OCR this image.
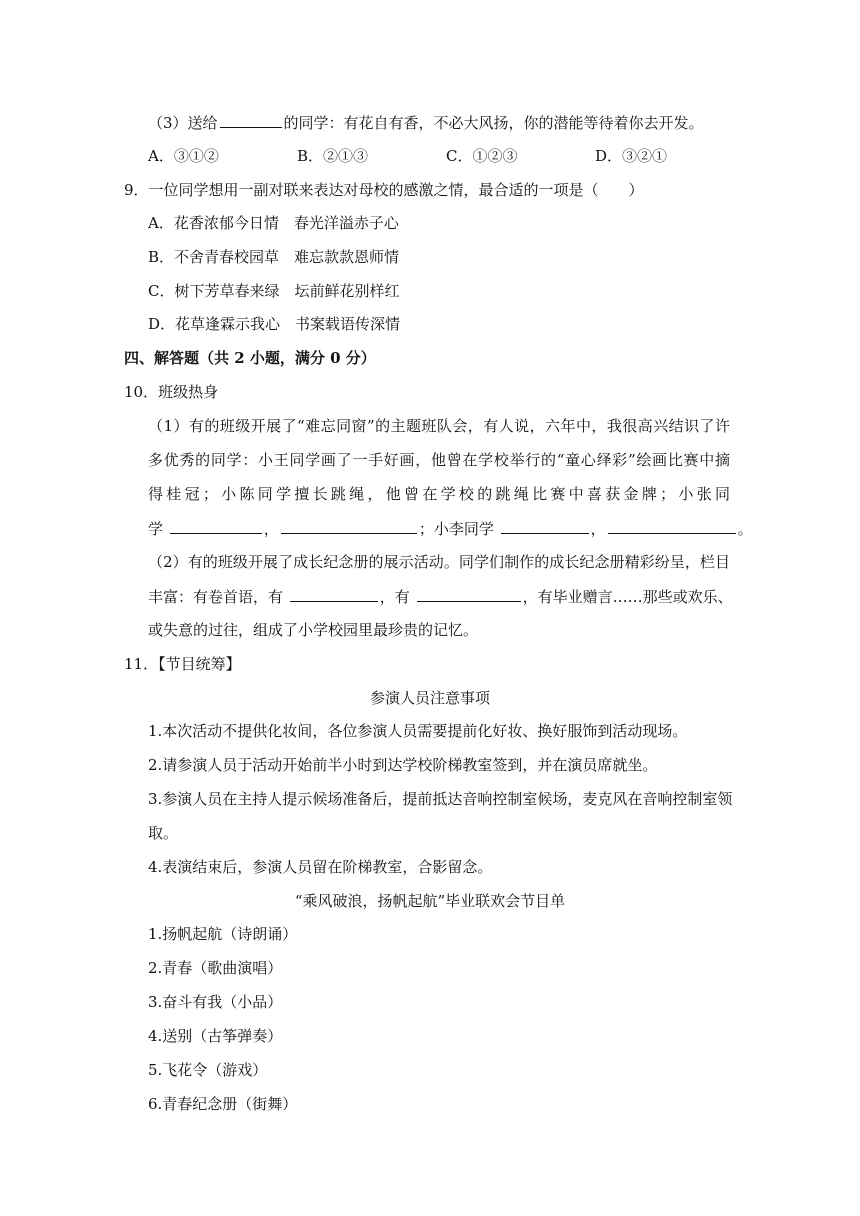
（3）送给	的同学：有花自有香，不必大风扬，你的潜能等待着你去开发。
A．③①②	B．②①③	C．①②③	D．③②①
9．一位同学想用一副对联来表达对母校的感激之情，最合适的一项是（　　）
A．花香浓郁今日情　春光洋溢赤子心
B．不舍青春校园草　难忘款款恩师情
C．树下芳草春来绿　坛前鲜花别样红
D．花草逢霖示我心　书案载语传深情
四、解答题（共 2 小题，满分 0 分）
10．班级热身
（1）有的班级开展了“难忘同窗”的主题班队会，有人说，六年中，我很高兴结识了许
多优秀的同学：小王同学画了一手好画，他曾在学校举行的“童心绎彩”绘画比赛中摘
得桂冠；小陈同学擅长跳绳，他曾在学校的跳绳比赛中喜获金牌；小张同
学	，	；小李同学	，	。
（2）有的班级开展了成长纪念册的展示活动。同学们制作的成长纪念册精彩纷呈，栏目
丰富：有卷首语，有	，有	，有毕业赠言……那些或欢乐、
或失意的过往，组成了小学校园里最珍贵的记忆。
11．【节目统筹】
参演人员注意事项
1.本次活动不提供化妆间，各位参演人员需要提前化好妆、换好服饰到活动现场。
2.请参演人员于活动开始前半小时到达学校阶梯教室签到，并在演员席就坐。
3.参演人员在主持人提示候场准备后，提前抵达音响控制室候场，麦克风在音响控制室领
取。
4.表演结束后，参演人员留在阶梯教室，合影留念。
“乘风破浪，扬帆起航”毕业联欢会节目单
1.扬帆起航（诗朗诵）
2.青春（歌曲演唱）
3.奋斗有我（小品）
4.送别（古筝弹奏）
5.飞花令（游戏）
6.青春纪念册（街舞）
